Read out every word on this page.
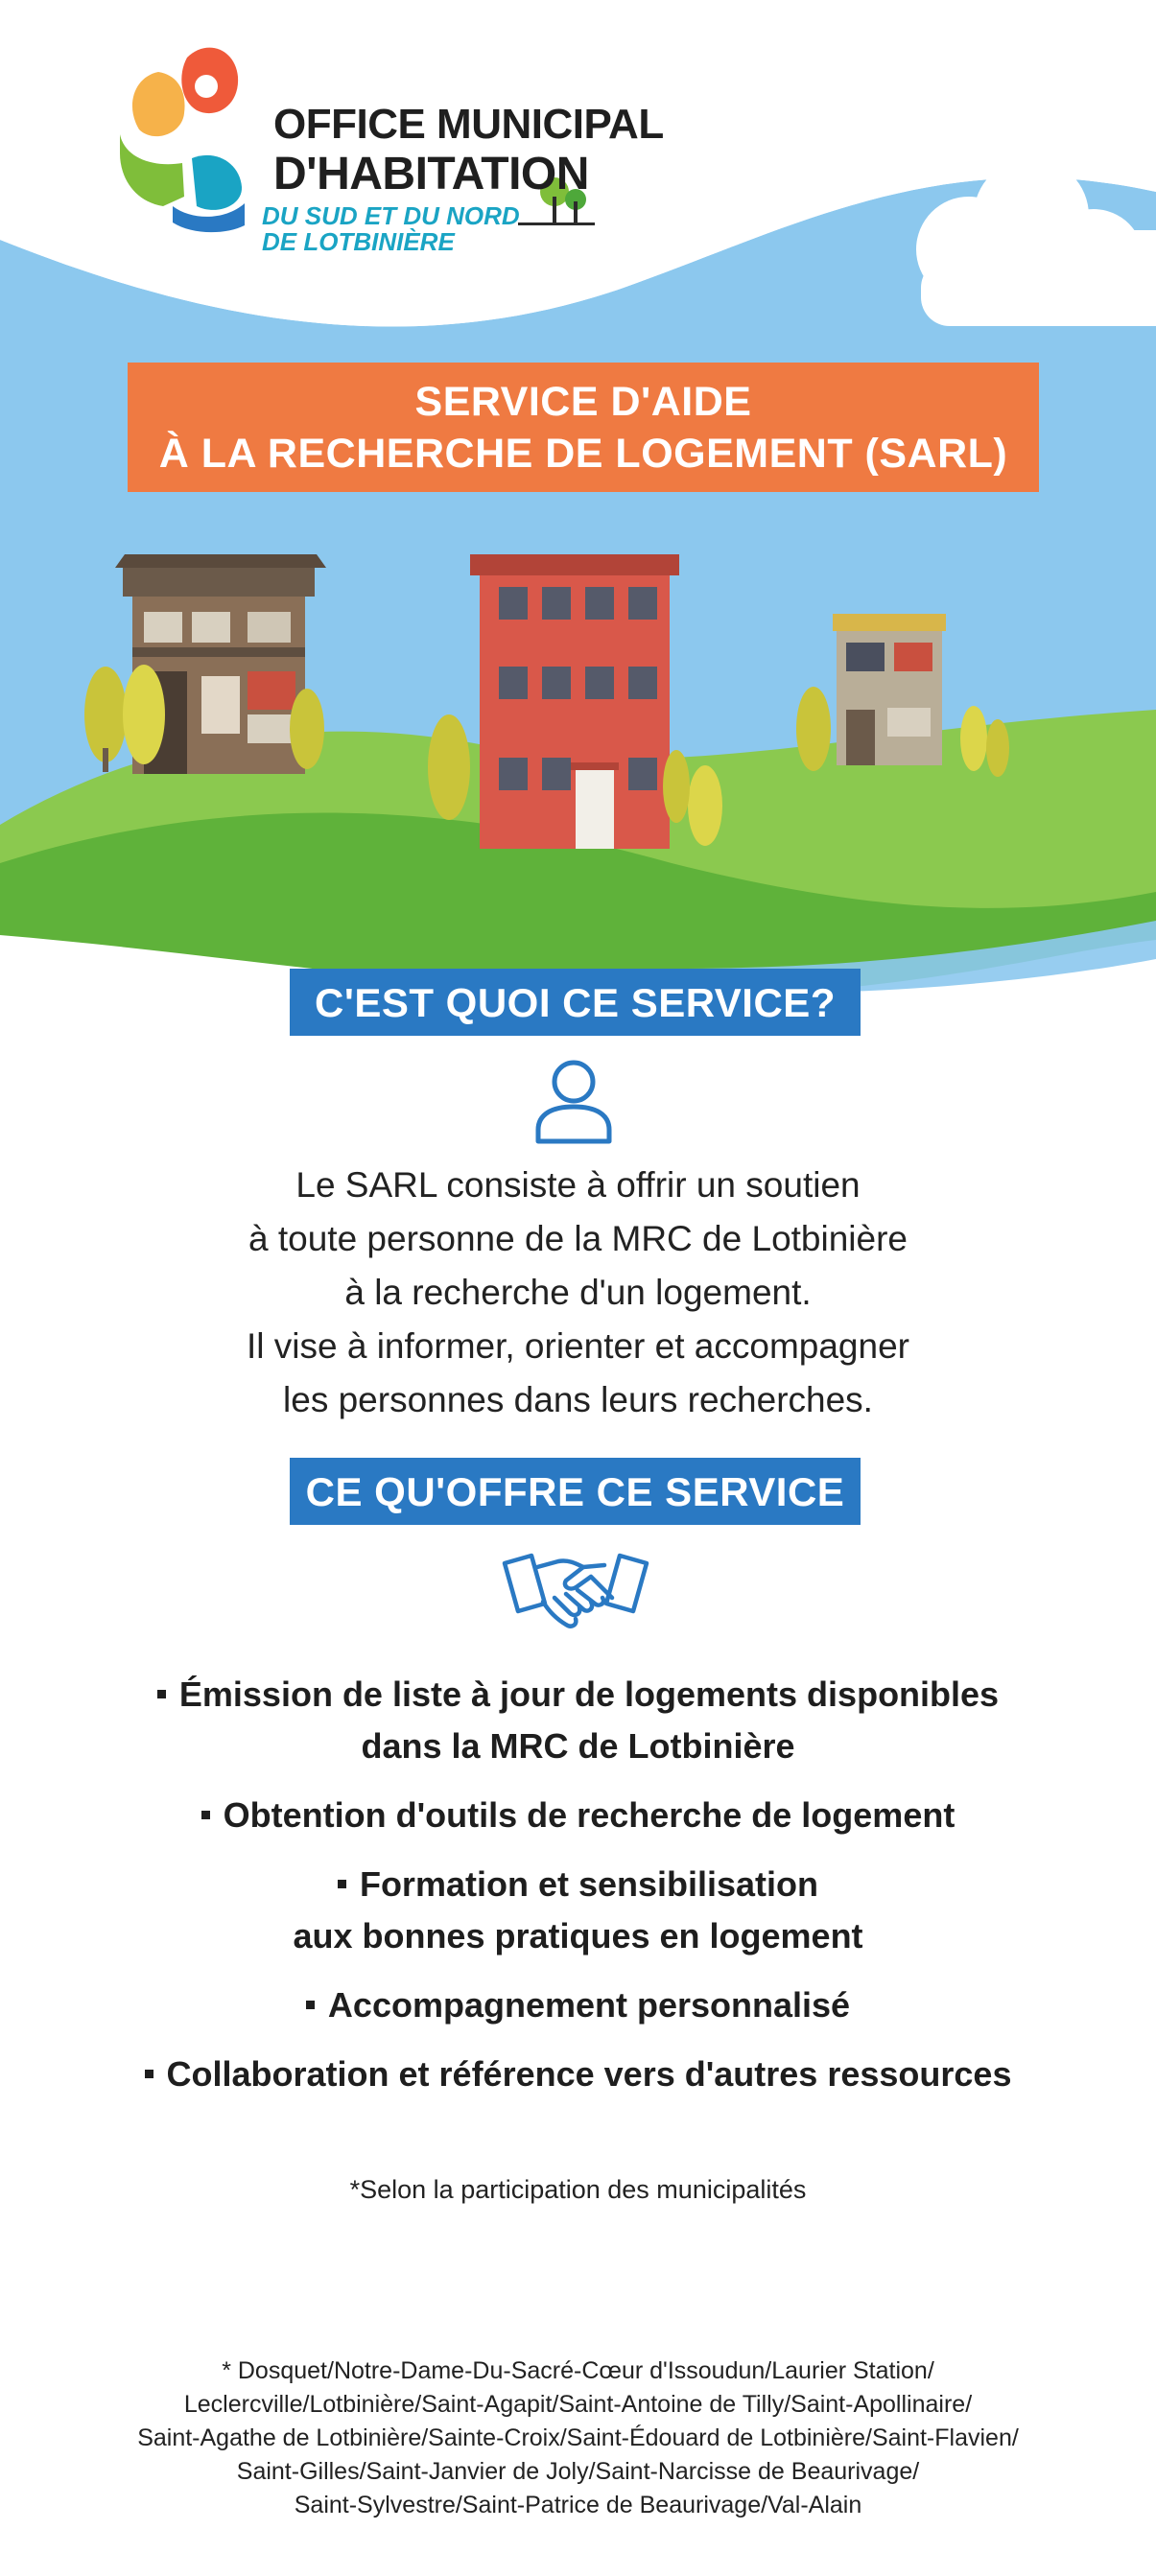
OFFICE MUNICIPAL
D'HABITATION
DU SUD ET DU NORD
DE LOTBINIÈRE
SERVICE D'AIDE
À LA RECHERCHE DE LOGEMENT (SARL)
C'EST QUOI CE SERVICE?
Le SARL consiste à offrir un soutien
à toute personne de la MRC de Lotbinière
à la recherche d'un logement.
Il vise à informer, orienter et accompagner
les personnes dans leurs recherches.
CE QU'OFFRE CE SERVICE
Émission de liste à jour de logements disponibles
dans la MRC de Lotbinière
Obtention d'outils de recherche de logement
Formation et sensibilisation
aux bonnes pratiques en logement
Accompagnement personnalisé
Collaboration et référence vers d'autres ressources
*Selon la participation des municipalités
* Dosquet/Notre-Dame-Du-Sacré-Cœur d'Issoudun/Laurier Station/
Leclercville/Lotbinière/Saint-Agapit/Saint-Antoine de Tilly/Saint-Apollinaire/
Saint-Agathe de Lotbinière/Sainte-Croix/Saint-Édouard de Lotbinière/Saint-Flavien/
Saint-Gilles/Saint-Janvier de Joly/Saint-Narcisse de Beaurivage/
Saint-Sylvestre/Saint-Patrice de Beaurivage/Val-Alain
